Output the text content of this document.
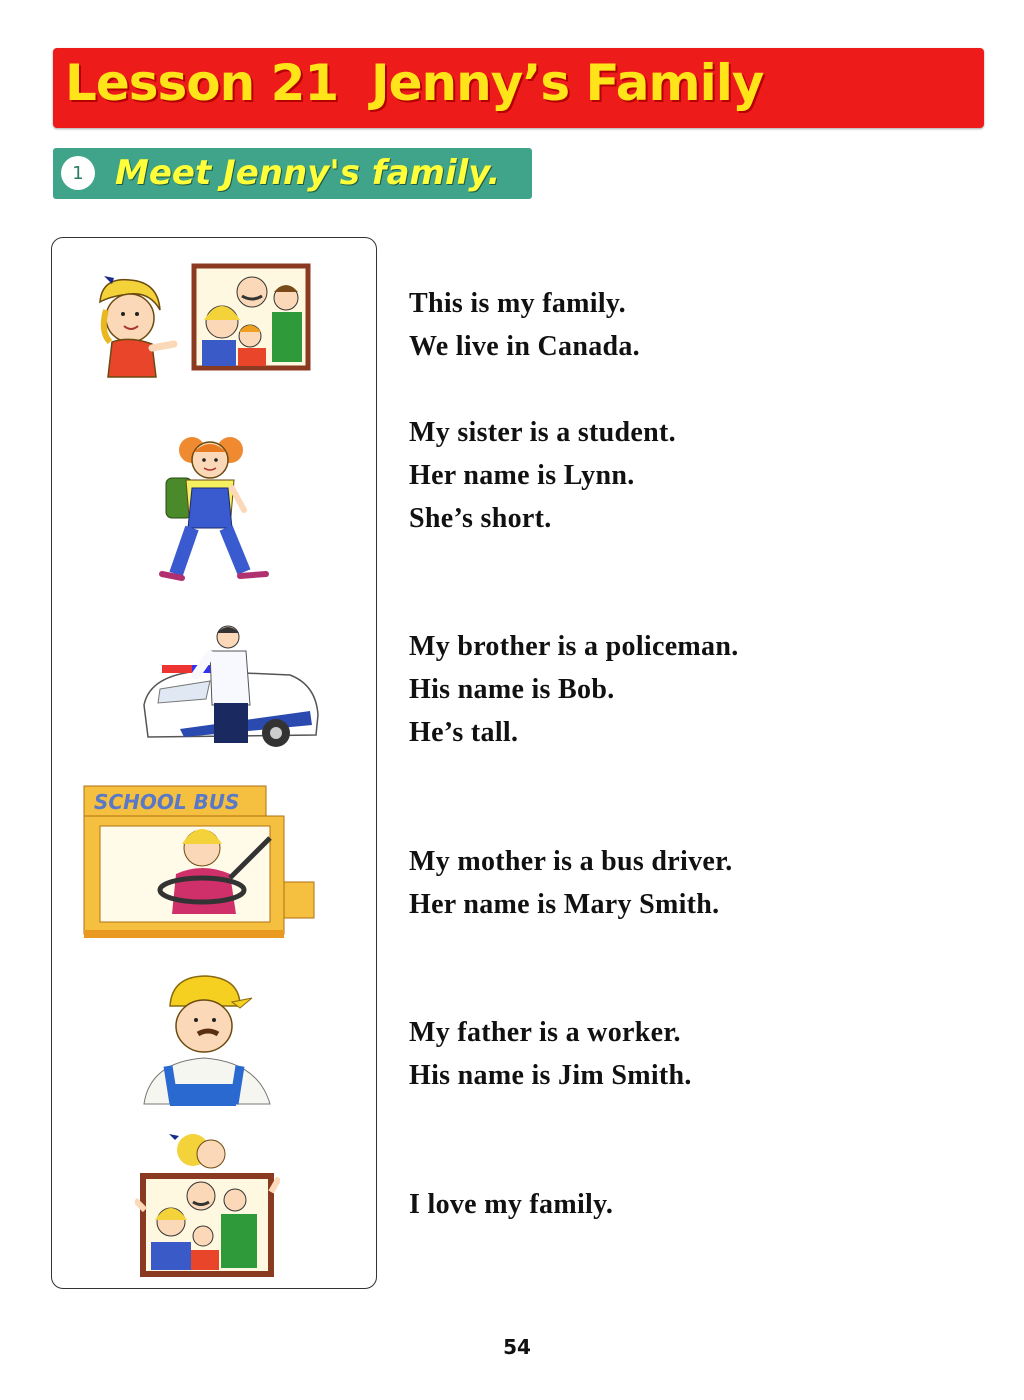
Lesson 21  Jenny’s Family
1 Meet Jenny's family.
SCHOOL BUS
This is my family.
We live in Canada.
My sister is a student.
Her name is Lynn.
She’s short.
My brother is a policeman.
His name is Bob.
He’s tall.
My mother is a bus driver.
Her name is Mary Smith.
My father is a worker.
His name is Jim Smith.
I love my family.
54
